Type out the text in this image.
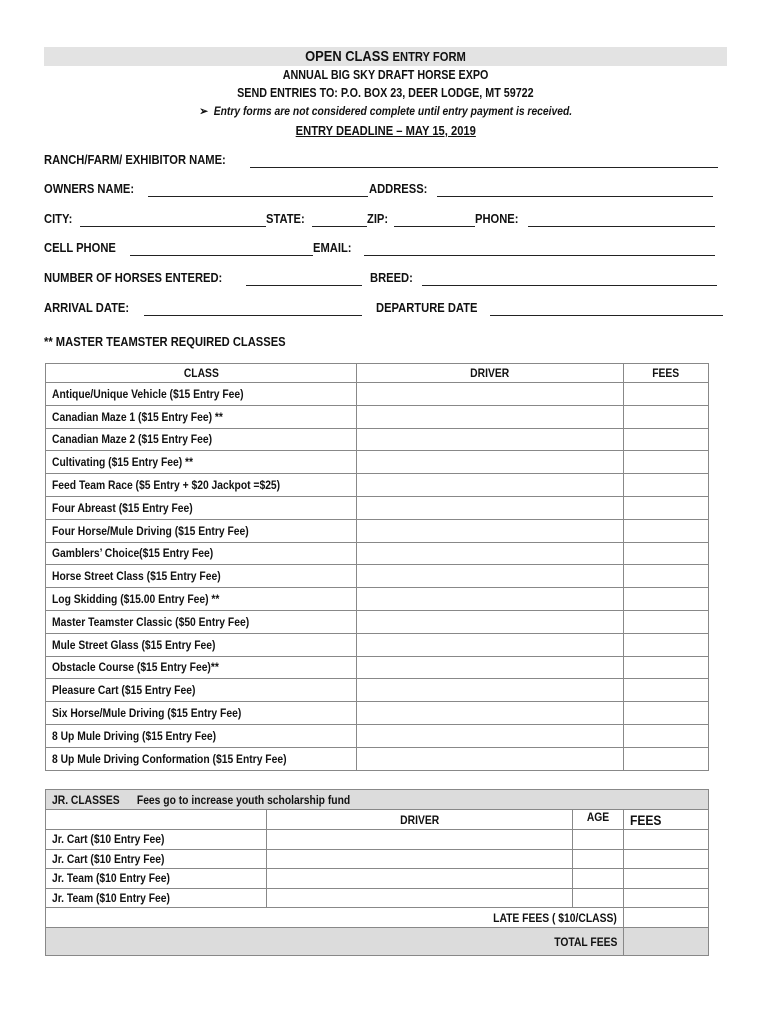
OPEN CLASS ENTRY FORM
ANNUAL BIG SKY DRAFT HORSE EXPO
SEND ENTRIES TO: P.O. BOX 23, DEER LODGE, MT 59722
➢ Entry forms are not considered complete until entry payment is received.
ENTRY DEADLINE – MAY 15, 2019
RANCH/FARM/ EXHIBITOR NAME:
OWNERS NAME:	ADDRESS:
CITY:	STATE:	ZIP:	PHONE:
CELL PHONE	EMAIL:
NUMBER OF HORSES ENTERED:	BREED:
ARRIVAL DATE:	DEPARTURE DATE
** MASTER TEAMSTER REQUIRED CLASSES
CLASS	DRIVER	FEES
Antique/Unique Vehicle ($15 Entry Fee)		
Canadian Maze 1 ($15 Entry Fee) **		
Canadian Maze 2 ($15 Entry Fee)		
Cultivating ($15 Entry Fee) **		
Feed Team Race ($5 Entry + $20 Jackpot =$25)		
Four Abreast ($15 Entry Fee)		
Four Horse/Mule Driving ($15 Entry Fee)		
Gamblers’ Choice($15 Entry Fee)		
Horse Street Class ($15 Entry Fee)		
Log Skidding ($15.00 Entry Fee) **		
Master Teamster Classic ($50 Entry Fee)		
Mule Street Glass ($15 Entry Fee)		
Obstacle Course ($15 Entry Fee)**		
Pleasure Cart ($15 Entry Fee)		
Six Horse/Mule Driving ($15 Entry Fee)		
8 Up Mule Driving ($15 Entry Fee)		
8 Up Mule Driving Conformation ($15 Entry Fee)		
JR. CLASSES Fees go to increase youth scholarship fund			
	DRIVER	AGE	FEES
Jr. Cart ($10 Entry Fee)			
Jr. Cart ($10 Entry Fee)			
Jr. Team ($10 Entry Fee)			
Jr. Team ($10 Entry Fee)			
LATE FEES ( $10/CLASS)			
TOTAL FEES			
